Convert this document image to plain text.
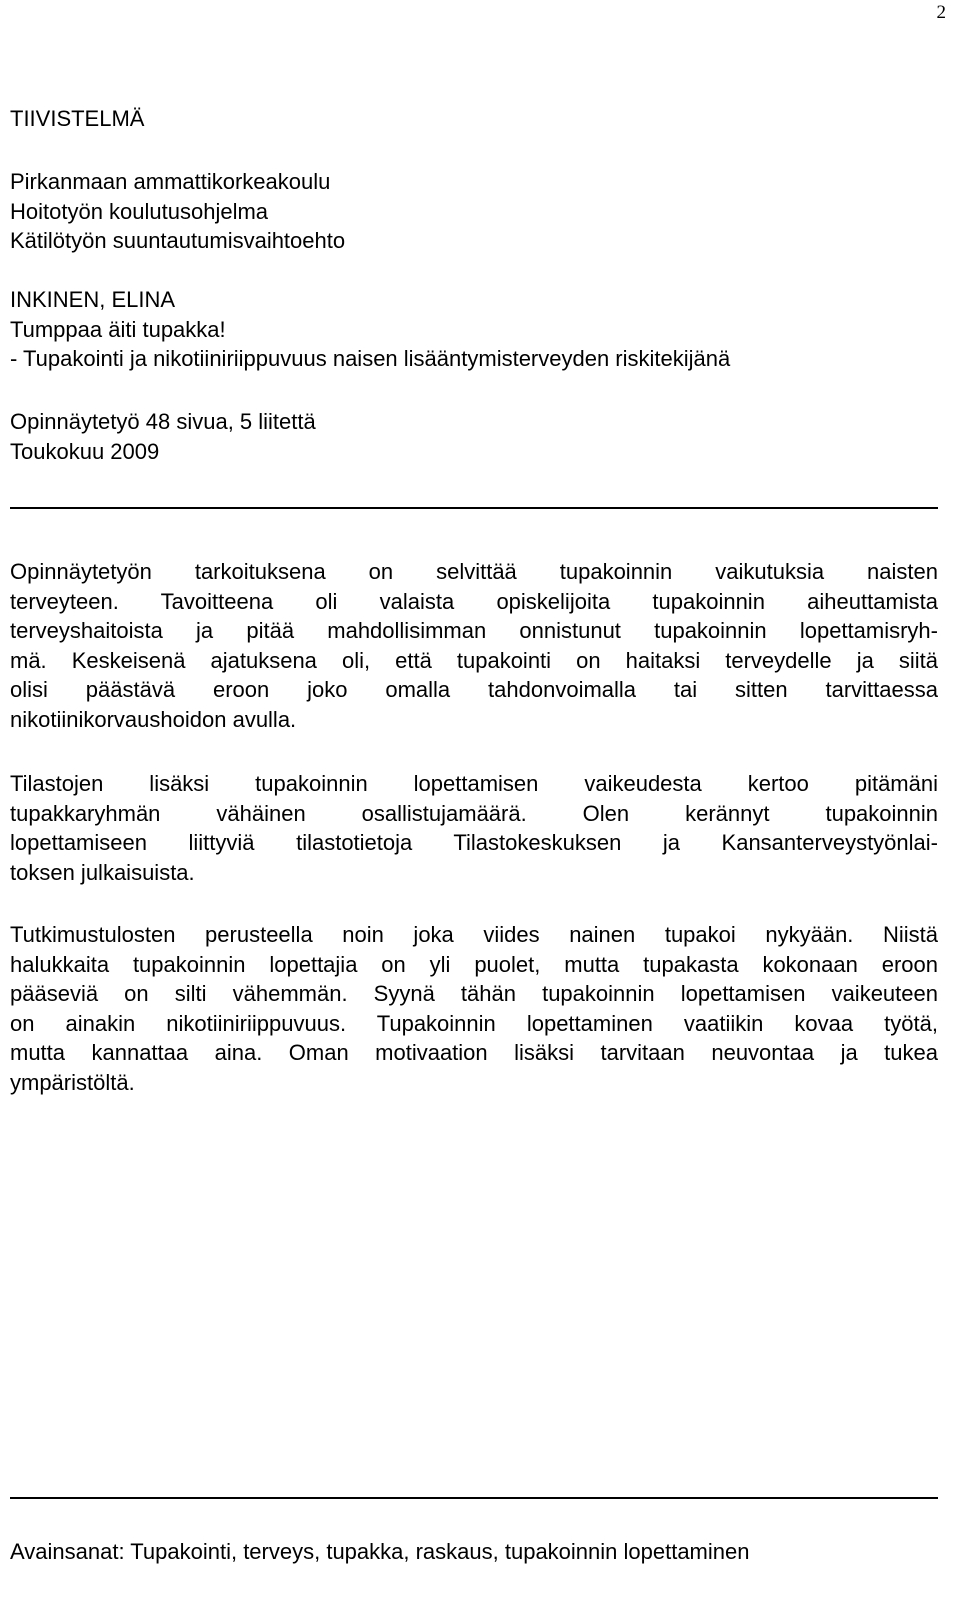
2
TIIVISTELMÄ
Pirkanmaan ammattikorkeakoulu
Hoitotyön koulutusohjelma
Kätilötyön suuntautumisvaihtoehto
INKINEN, ELINA
Tumppaa äiti tupakka!
- Tupakointi ja nikotiiniriippuvuus naisen lisääntymisterveyden riskitekijänä
Opinnäytetyö 48 sivua, 5 liitettä
Toukokuu 2009
Opinnäytetyön tarkoituksena on selvittää tupakoinnin vaikutuksia naisten
terveyteen. Tavoitteena oli valaista opiskelijoita tupakoinnin aiheuttamista
terveyshaitoista ja pitää mahdollisimman onnistunut tupakoinnin lopettamisryh-
mä. Keskeisenä ajatuksena oli, että tupakointi on haitaksi terveydelle ja siitä
olisi päästävä eroon joko omalla tahdonvoimalla tai sitten tarvittaessa
nikotiinikorvaushoidon avulla.
Tilastojen lisäksi tupakoinnin lopettamisen vaikeudesta kertoo pitämäni
tupakkaryhmän vähäinen osallistujamäärä. Olen kerännyt tupakoinnin
lopettamiseen liittyviä tilastotietoja Tilastokeskuksen ja Kansanterveystyönlai-
toksen julkaisuista.
Tutkimustulosten perusteella noin joka viides nainen tupakoi nykyään. Niistä
halukkaita tupakoinnin lopettajia on yli puolet, mutta tupakasta kokonaan eroon
pääseviä on silti vähemmän. Syynä tähän tupakoinnin lopettamisen vaikeuteen
on ainakin nikotiiniriippuvuus. Tupakoinnin lopettaminen vaatiikin kovaa työtä,
mutta kannattaa aina. Oman motivaation lisäksi tarvitaan neuvontaa ja tukea
ympäristöltä.
Avainsanat: Tupakointi, terveys, tupakka, raskaus, tupakoinnin lopettaminen
